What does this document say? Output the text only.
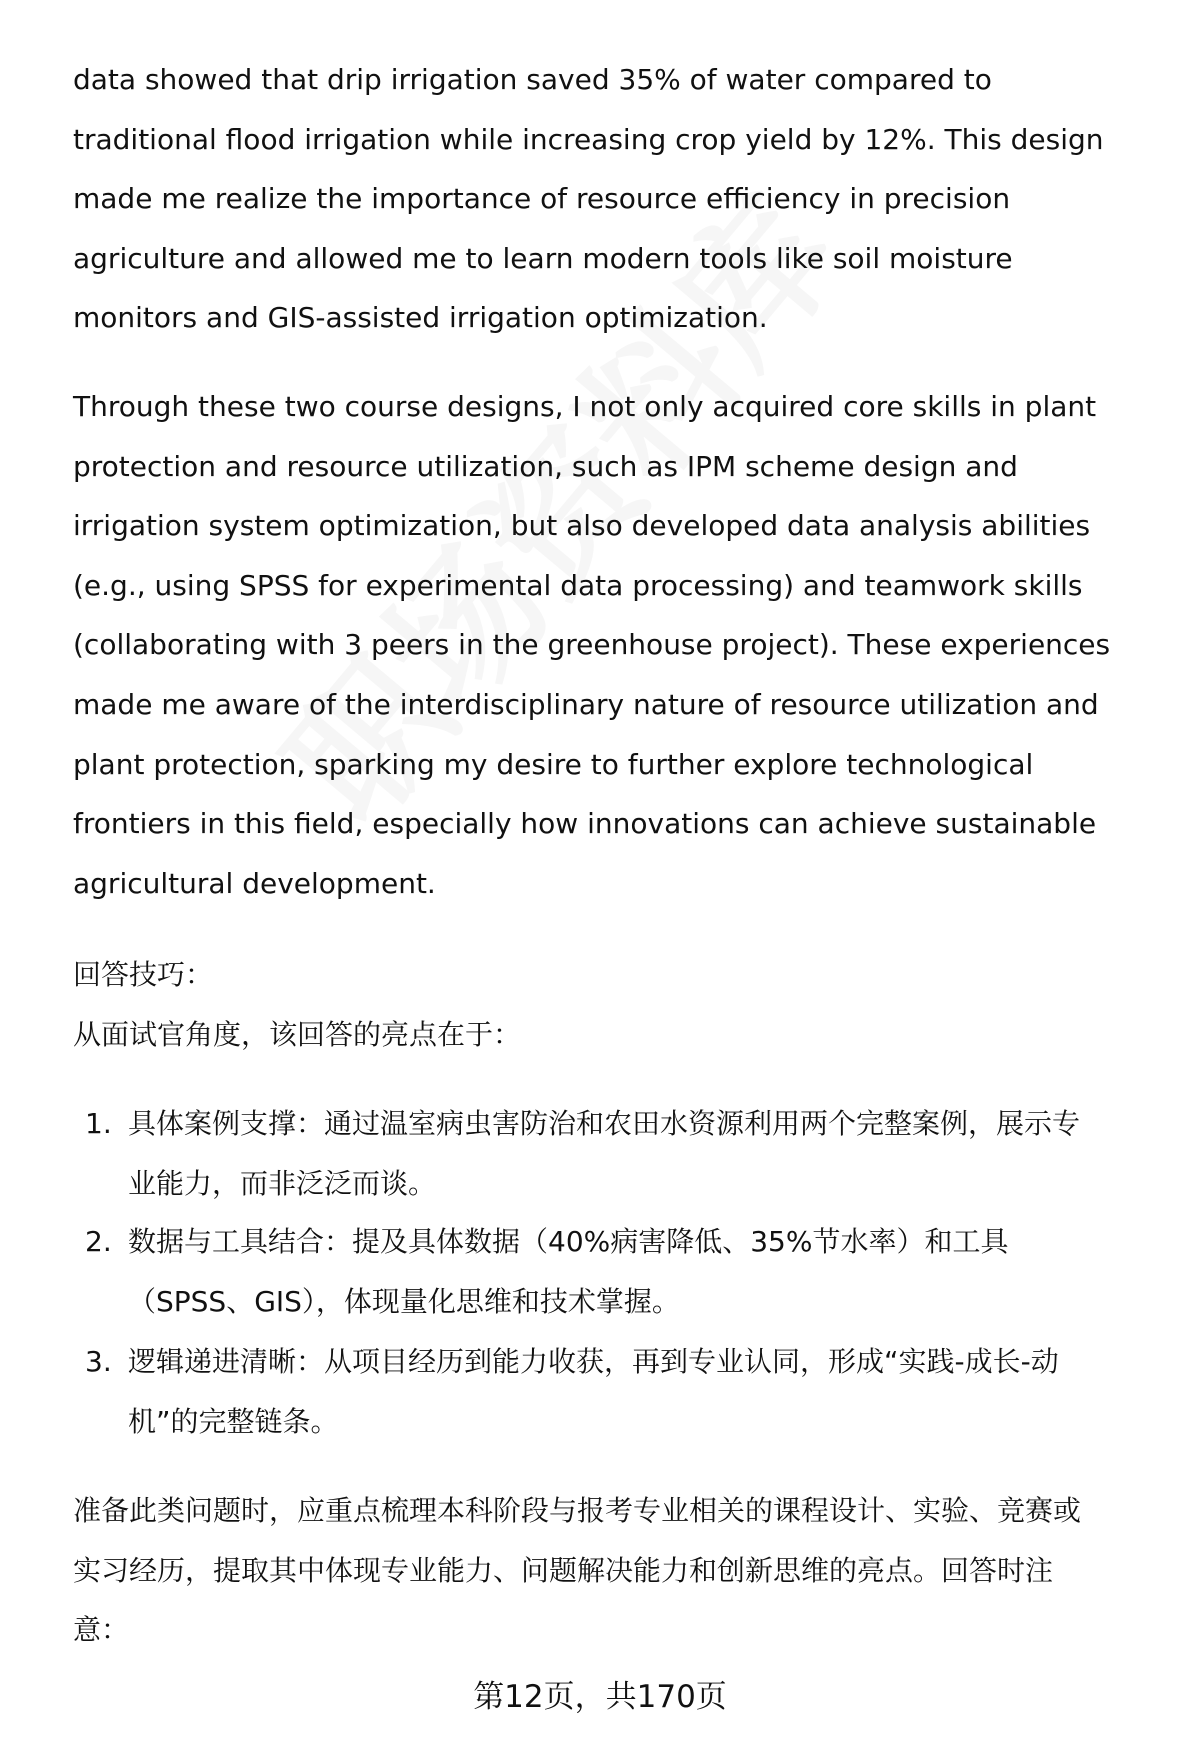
data showed that drip irrigation saved 35% of water compared to
traditional flood irrigation while increasing crop yield by 12%. This design
made me realize the importance of resource efficiency in precision
agriculture and allowed me to learn modern tools like soil moisture
monitors and GIS-assisted irrigation optimization.
Through these two course designs, I not only acquired core skills in plant
protection and resource utilization, such as IPM scheme design and
irrigation system optimization, but also developed data analysis abilities
(e.g., using SPSS for experimental data processing) and teamwork skills
(collaborating with 3 peers in the greenhouse project). These experiences
made me aware of the interdisciplinary nature of resource utilization and
plant protection, sparking my desire to further explore technological
frontiers in this field, especially how innovations can achieve sustainable
agricultural development.
回答技巧：
从面试官角度，该回答的亮点在于：
1. 具体案例支撑：通过温室病虫害防治和农田水资源利用两个完整案例，展示专
业能力，而非泛泛而谈。
2. 数据与工具结合：提及具体数据（40%病害降低、35%节水率）和工具
（SPSS、GIS），体现量化思维和技术掌握。
3. 逻辑递进清晰：从项目经历到能力收获，再到专业认同，形成“实践-成长-动
机”的完整链条。
准备此类问题时，应重点梳理本科阶段与报考专业相关的课程设计、实验、竞赛或
实习经历，提取其中体现专业能力、问题解决能力和创新思维的亮点。回答时注
意：
第12页，共170页
